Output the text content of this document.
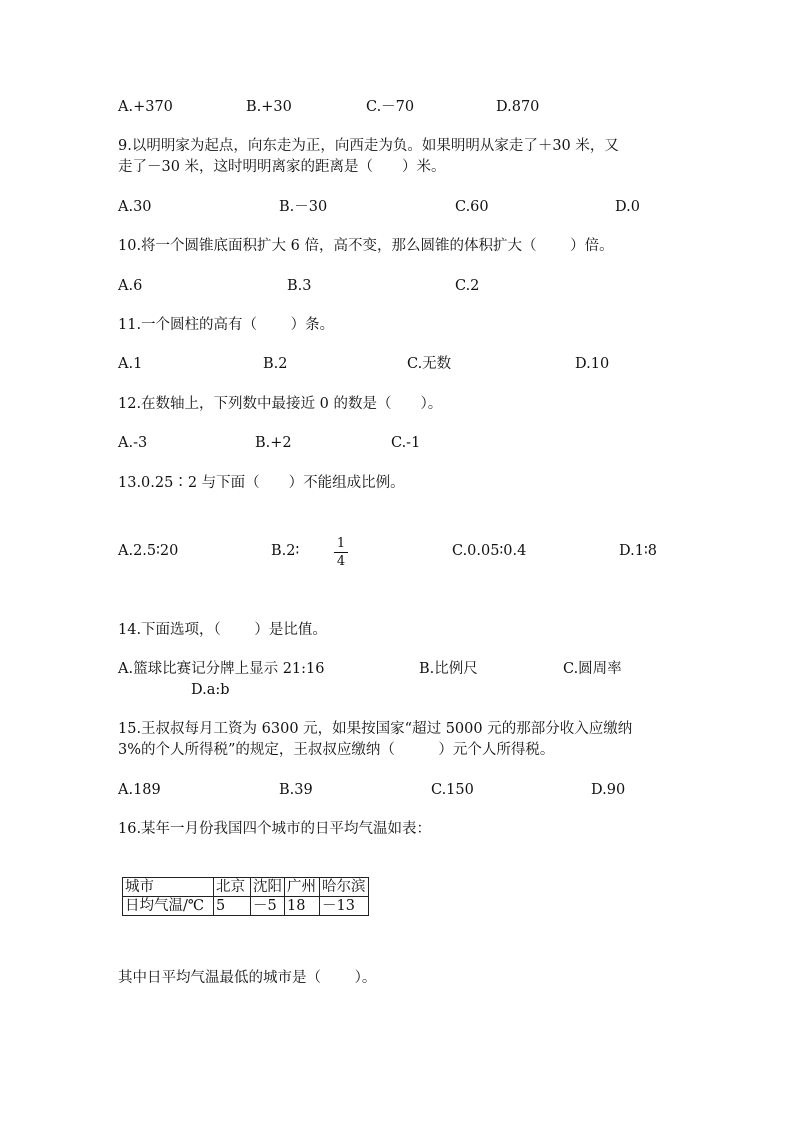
A.+370	B.+30	C.－70	D.870
9.以明明家为起点，向东走为正，向西走为负。如果明明从家走了＋30 米，又
走了－30 米，这时明明离家的距离是（　　）米。
A.30	B.－30	C.60	D.0
10.将一个圆锥底面积扩大 6 倍，高不变，那么圆锥的体积扩大（　　 ）倍。
A.6	B.3	C.2
11.一个圆柱的高有（　　 ）条。
A.1	B.2	C.无数	D.10
12.在数轴上，下列数中最接近 0 的数是（　　）。
A.-3	B.+2	C.-1
13.0.25∶2 与下面（　　）不能组成比例。
A.2.5∶20	B.2∶	1
4
C.0.05∶0.4	D.1∶8
14.下面选项，（　　 ）是比值。
A.篮球比赛记分牌上显示 21:16	B.比例尺	C.圆周率
D.a:b
15.王叔叔每月工资为 6300 元，如果按国家“超过 5000 元的那部分收入应缴纳
3%的个人所得税”的规定，王叔叔应缴纳（　　　）元个人所得税。
A.189	B.39	C.150	D.90
16.某年一月份我国四个城市的日平均气温如表：
城市	北京	沈阳	广州	哈尔滨
日均气温/℃	5	－5	18	－13
其中日平均气温最低的城市是（　　 ）。
